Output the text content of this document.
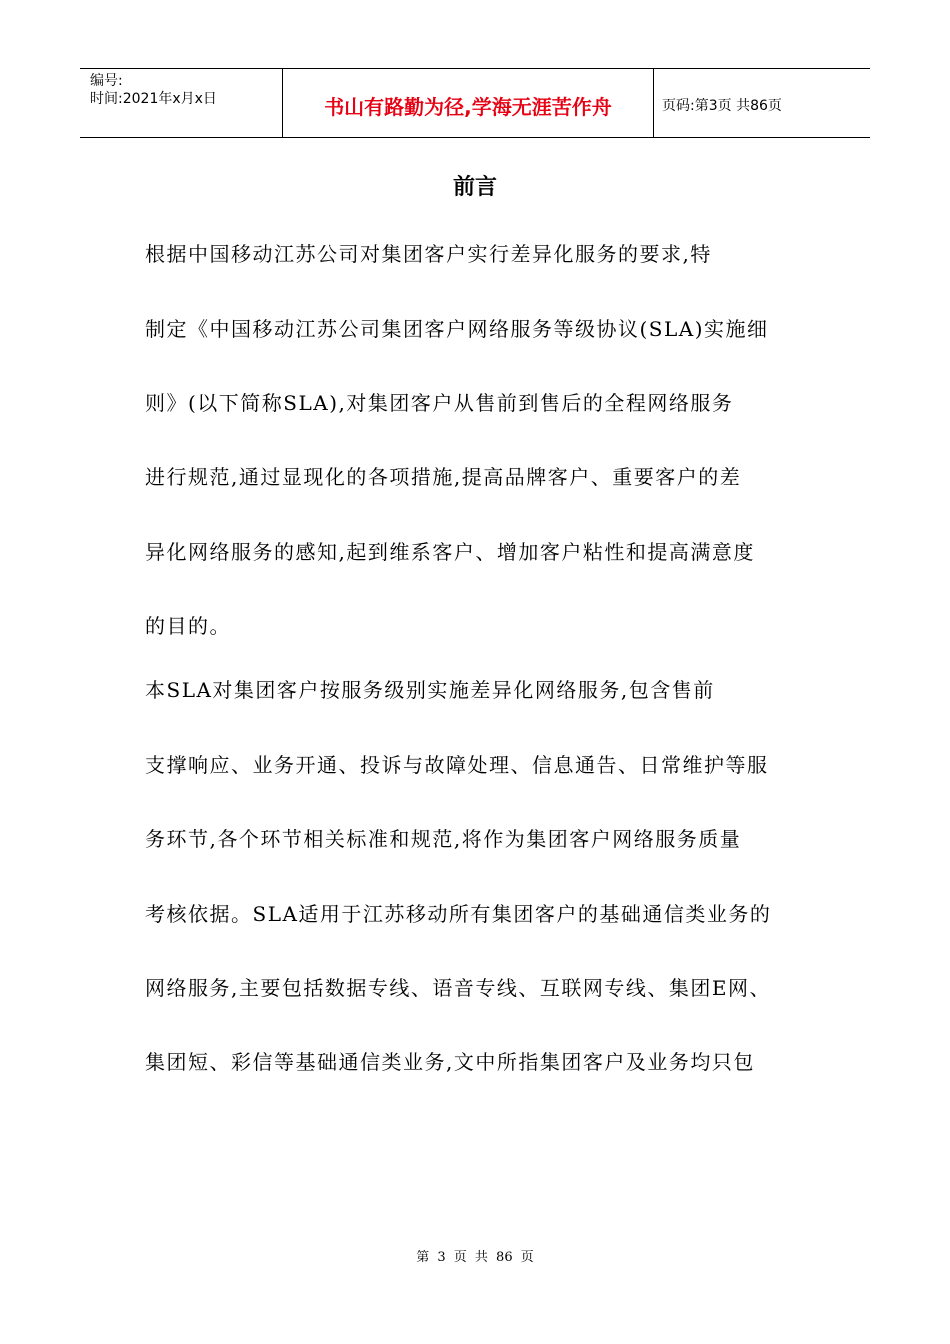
编号:
时间:2021年x月x日	书山有路勤为径,学海无涯苦作舟	页码:第3页 共86页
前言
根据中国移动江苏公司对集团客户实行差异化服务的要求,特
制定《中国移动江苏公司集团客户网络服务等级协议(SLA)实施细
则》(以下简称SLA),对集团客户从售前到售后的全程网络服务
进行规范,通过显现化的各项措施,提高品牌客户、重要客户的差
异化网络服务的感知,起到维系客户、增加客户粘性和提高满意度
的目的。
本SLA对集团客户按服务级别实施差异化网络服务,包含售前
支撑响应、业务开通、投诉与故障处理、信息通告、日常维护等服
务环节,各个环节相关标准和规范,将作为集团客户网络服务质量
考核依据。SLA适用于江苏移动所有集团客户的基础通信类业务的
网络服务,主要包括数据专线、语音专线、互联网专线、集团E网、
集团短、彩信等基础通信类业务,文中所指集团客户及业务均只包
第 3 页 共 86 页
